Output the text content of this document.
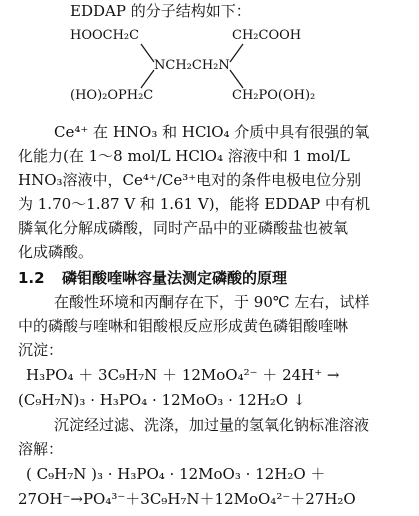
EDDAP 的分子结构如下：
HOOCH₂C	CH₂COOH
NCH₂CH₂N
(HO)₂OPH₂C	CH₂PO(OH)₂
Ce⁴⁺ 在 HNO₃ 和 HClO₄ 介质中具有很强的氧
化能力(在 1～8 mol/L HClO₄ 溶液中和 1 mol/L
HNO₃溶液中，Ce⁴⁺/Ce³⁺电对的条件电极电位分别
为 1.70～1.87 V 和 1.61 V)，能将 EDDAP 中有机
膦氧化分解成磷酸，同时产品中的亚磷酸盐也被氧
化成磷酸。
1.2 磷钼酸喹啉容量法测定磷酸的原理
在酸性环境和丙酮存在下，于 90℃ 左右，试样
中的磷酸与喹啉和钼酸根反应形成黄色磷钼酸喹啉
沉淀：
H₃PO₄ ＋ 3C₉H₇N ＋ 12MoO₄²⁻ ＋ 24H⁺ →
(C₉H₇N)₃ · H₃PO₄ · 12MoO₃ · 12H₂O ↓
沉淀经过滤、洗涤，加过量的氢氧化钠标准溶液
溶解：
( C₉H₇N )₃ · H₃PO₄ · 12MoO₃ · 12H₂O ＋
27OH⁻→PO₄³⁻＋3C₉H₇N＋12MoO₄²⁻＋27H₂O
